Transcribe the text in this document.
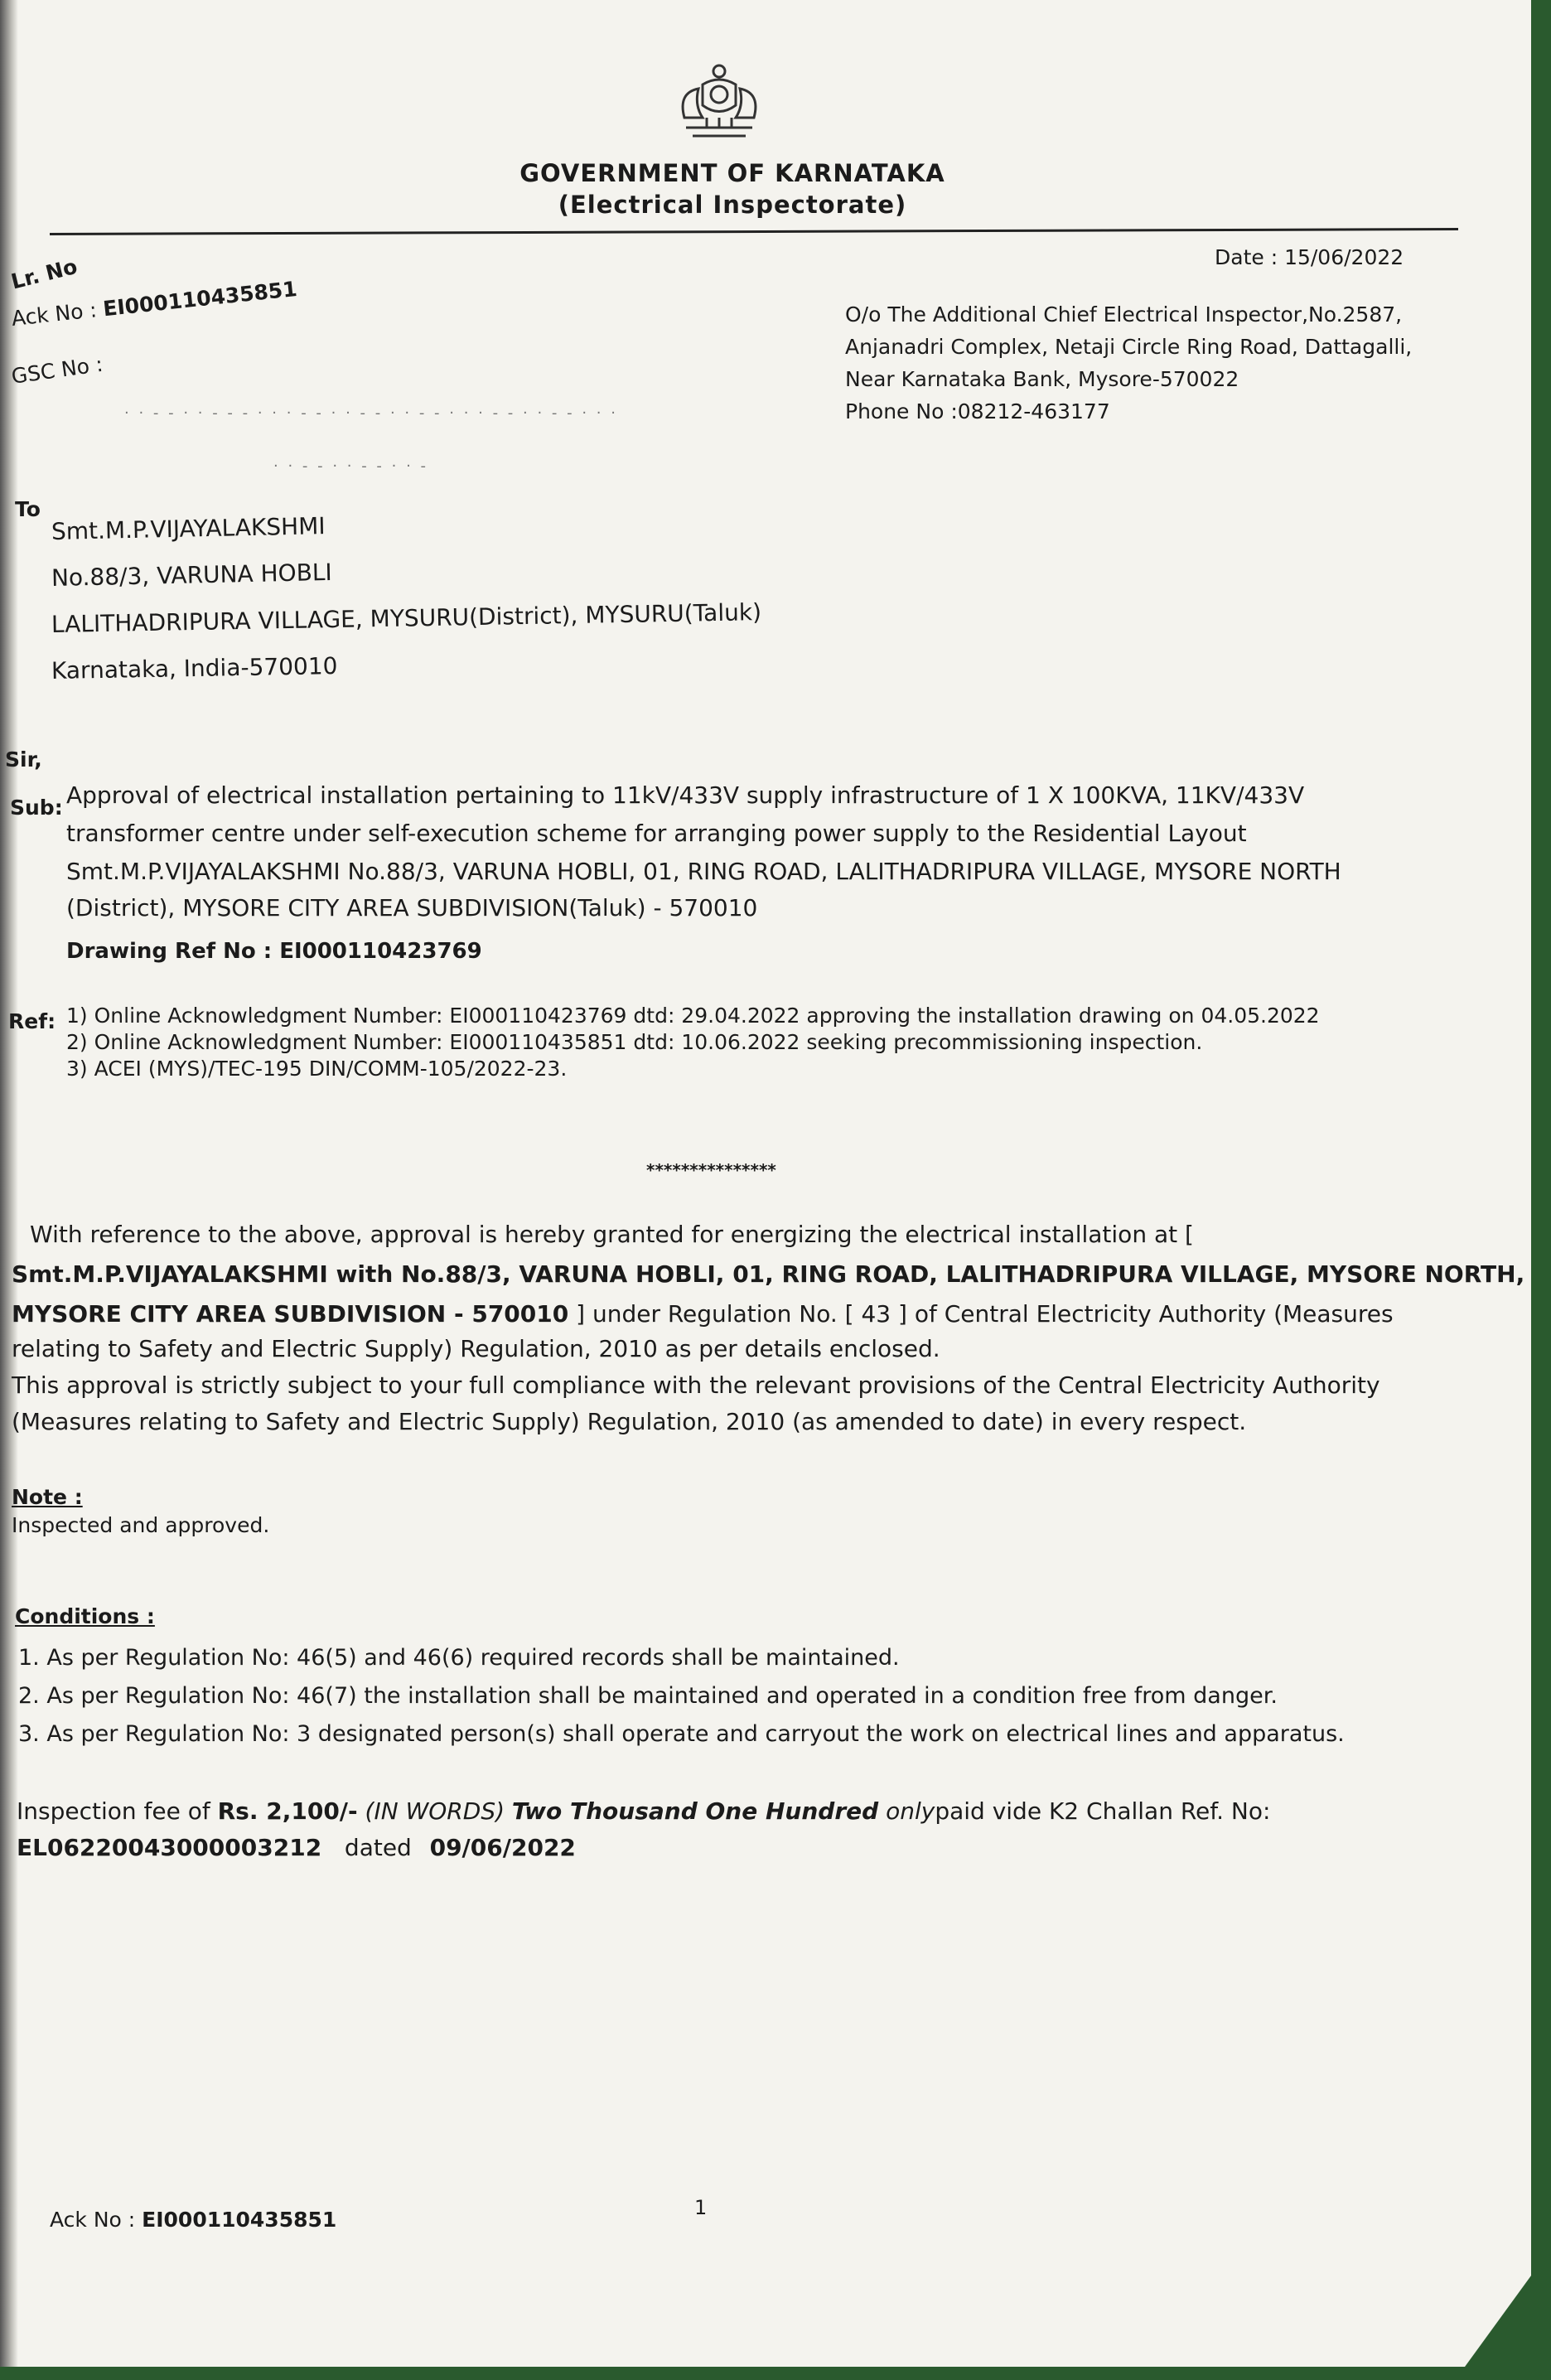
GOVERNMENT OF KARNATAKA
(Electrical Inspectorate)
Date : 15/06/2022
Lr. No
Ack No : EI000110435851
GSC No :
· · - - · · - - - · · · - - · · - - · · - - · · · - - · · - - · · ·
· · - - · · - - · · -
O/o The Additional Chief Electrical Inspector,No.2587,
Anjanadri Complex, Netaji Circle Ring Road, Dattagalli,
Near Karnataka Bank, Mysore-570022
Phone No :08212-463177
To
Smt.M.P.VIJAYALAKSHMI
No.88/3, VARUNA HOBLI
LALITHADRIPURA VILLAGE, MYSURU(District), MYSURU(Taluk)
Karnataka, India-570010
Sir,
Sub: Approval of electrical installation pertaining to 11kV/433V supply infrastructure of 1 X 100KVA, 11KV/433V
transformer centre under self-execution scheme for arranging power supply to the Residential Layout
Smt.M.P.VIJAYALAKSHMI No.88/3, VARUNA HOBLI, 01, RING ROAD, LALITHADRIPURA VILLAGE, MYSORE NORTH
(District), MYSORE CITY AREA SUBDIVISION(Taluk) - 570010
Drawing Ref No : EI000110423769
Ref: 1) Online Acknowledgment Number: EI000110423769 dtd: 29.04.2022 approving the installation drawing on 04.05.2022
2) Online Acknowledgment Number: EI000110435851 dtd: 10.06.2022 seeking precommissioning inspection.
3) ACEI (MYS)/TEC-195 DIN/COMM-105/2022-23.
***************
With reference to the above, approval is hereby granted for energizing the electrical installation at [
Smt.M.P.VIJAYALAKSHMI with No.88/3, VARUNA HOBLI, 01, RING ROAD, LALITHADRIPURA VILLAGE, MYSORE NORTH,
MYSORE CITY AREA SUBDIVISION - 570010 ] under Regulation No. [ 43 ] of Central Electricity Authority (Measures
relating to Safety and Electric Supply) Regulation, 2010 as per details enclosed.
This approval is strictly subject to your full compliance with the relevant provisions of the Central Electricity Authority
(Measures relating to Safety and Electric Supply) Regulation, 2010 (as amended to date) in every respect.
Note :
Inspected and approved.
Conditions :
1. As per Regulation No: 46(5) and 46(6) required records shall be maintained.
2. As per Regulation No: 46(7) the installation shall be maintained and operated in a condition free from danger.
3. As per Regulation No: 3 designated person(s) shall operate and carryout the work on electrical lines and apparatus.
Inspection fee of Rs. 2,100/- (IN WORDS) Two Thousand One Hundred onlypaid vide K2 Challan Ref. No:
EL06220043000003212 dated 09/06/2022
Ack No : EI000110435851	1
